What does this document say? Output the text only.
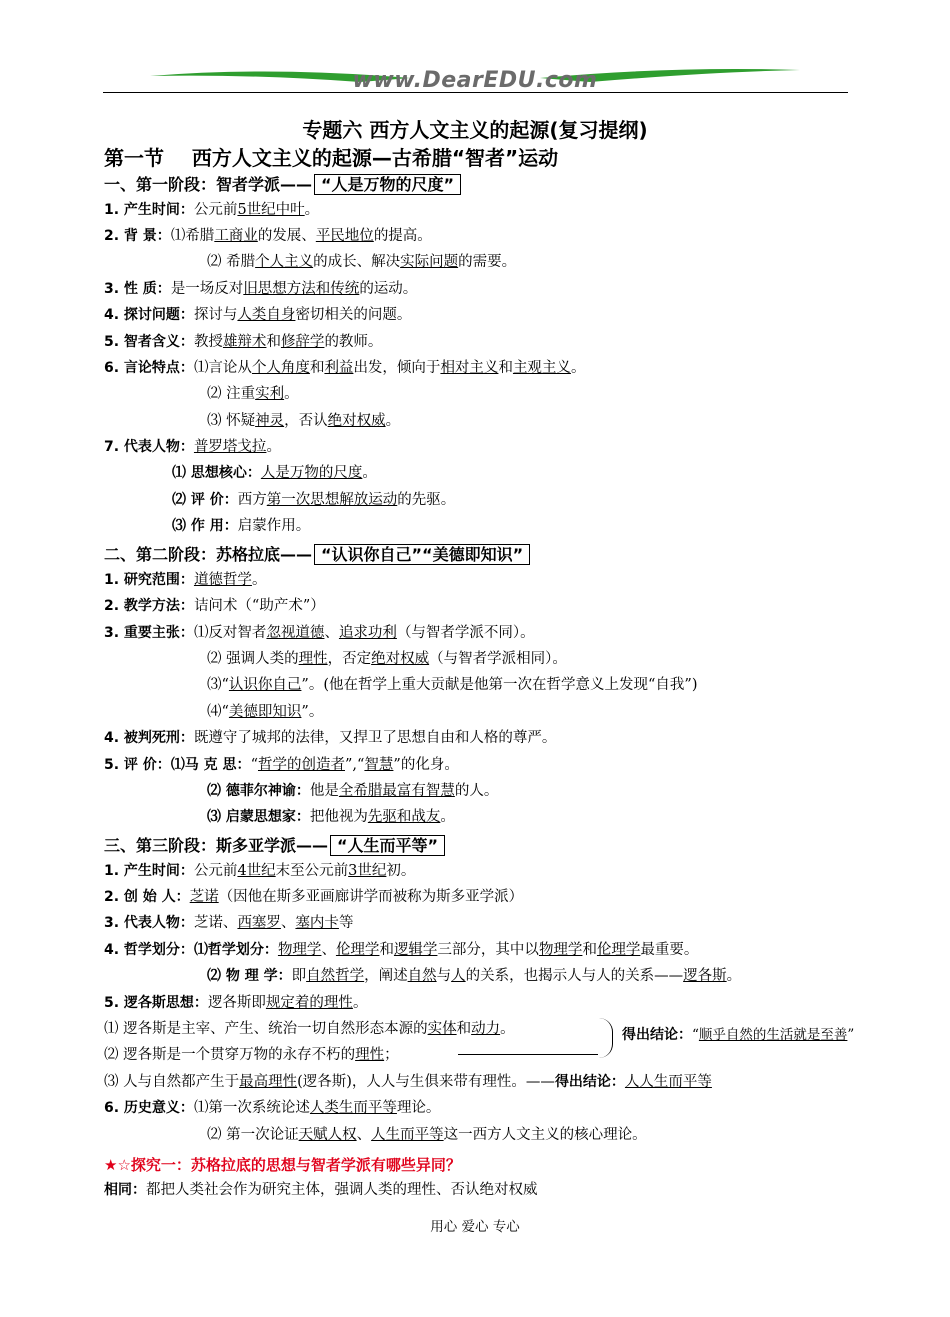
www.DearEDU.com
专题六 西方人文主义的起源(复习提纲)
第一节    西方人文主义的起源—古希腊“智者”运动
一、第一阶段：智者学派—— “人是万物的尺度”
1. 产生时间：公元前5世纪中叶。
2. 背 景：⑴希腊工商业的发展、平民地位的提高。
⑵ 希腊个人主义的成长、解决实际问题的需要。
3. 性 质：是一场反对旧思想方法和传统的运动。
4. 探讨问题：探讨与人类自身密切相关的问题。
5. 智者含义：教授雄辩术和修辞学的教师。
6. 言论特点：⑴言论从个人角度和利益出发，倾向于相对主义和主观主义。
⑵ 注重实利。
⑶ 怀疑神灵，否认绝对权威。
7. 代表人物：普罗塔戈拉。
⑴ 思想核心：人是万物的尺度。
⑵ 评 价：西方第一次思想解放运动的先驱。
⑶ 作 用：启蒙作用。
二、第二阶段：苏格拉底—— “认识你自己”“美德即知识”
1. 研究范围：道德哲学。
2. 教学方法：诘问术（“助产术”）
3. 重要主张：⑴反对智者忽视道德、追求功利（与智者学派不同）。
⑵ 强调人类的理性，否定绝对权威（与智者学派相同）。
⑶“认识你自己”。(他在哲学上重大贡献是他第一次在哲学意义上发现“自我”)
⑷“美德即知识”。
4. 被判死刑：既遵守了城邦的法律，又捍卫了思想自由和人格的尊严。
5. 评 价：⑴马 克 思：“哲学的创造者”,“智慧”的化身。
⑵ 德菲尔神谕：他是全希腊最富有智慧的人。
⑶ 启蒙思想家：把他视为先驱和战友。
三、第三阶段：斯多亚学派—— “人生而平等”
1. 产生时间：公元前4世纪末至公元前3世纪初。
2. 创 始 人：芝诺（因他在斯多亚画廊讲学而被称为斯多亚学派）
3. 代表人物：芝诺、西塞罗、塞内卡等
4. 哲学划分：⑴哲学划分：物理学、伦理学和逻辑学三部分，其中以物理学和伦理学最重要。
⑵ 物 理 学：即自然哲学，阐述自然与人的关系，也揭示人与人的关系——逻各斯。
5. 逻各斯思想：逻各斯即规定着的理性。
⑴ 逻各斯是主宰、产生、统治一切自然形态本源的实体和动力。
⑵ 逻各斯是一个贯穿万物的永存不朽的理性；
得出结论：“顺乎自然的生活就是至善”
⑶ 人与自然都产生于最高理性(逻各斯)，人人与生俱来带有理性。——得出结论：人人生而平等
6. 历史意义：⑴第一次系统论述人类生而平等理论。
⑵ 第一次论证天赋人权、人生而平等这一西方人文主义的核心理论。
★☆探究一：苏格拉底的思想与智者学派有哪些异同？
相同：都把人类社会作为研究主体，强调人类的理性、否认绝对权威
用心 爱心 专心
